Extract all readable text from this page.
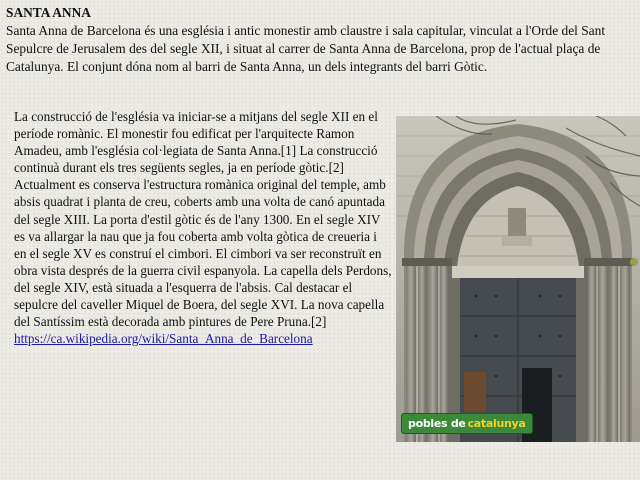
SANTA ANNA
Santa Anna de Barcelona és una església i antic monestir amb claustre i sala capitular, vinculat a l'Orde del Sant Sepulcre de Jerusalem des del segle XII, i situat al carrer de Santa Anna de Barcelona, prop de l'actual plaça de Catalunya. El conjunt dóna nom al barri de Santa Anna, un dels integrants del barri Gòtic.

La construcció de l'església va iniciar-se a mitjans del segle XII en el període romànic. El monestir fou edificat per l'arquitecte Ramon Amadeu, amb l'església col·legiata de Santa Anna.[1] La construcció continuà durant els tres següents segles, ja en període gòtic.[2]

Actualment es conserva l'estructura romànica original del temple, amb absis quadrat i planta de creu, coberts amb una volta de canó apuntada del segle XIII. La porta d'estil gòtic és de l'any 1300. En el segle XIV es va allargar la nau que ja fou coberta amb volta gòtica de creueria i en el segle XV es construí el cimbori. El cimbori va ser reconstruït en obra vista després de la guerra civil espanyola. La capella dels Perdons, del segle XIV, està situada a l'esquerra de l'absis. Cal destacar el sepulcre del caveller Miquel de Boera, del segle XVI. La nova capella del Santíssim està decorada amb pintures de Pere Pruna.[2]

https://ca.wikipedia.org/wiki/Santa_Anna_de_Barcelona
pobles de catalunya
